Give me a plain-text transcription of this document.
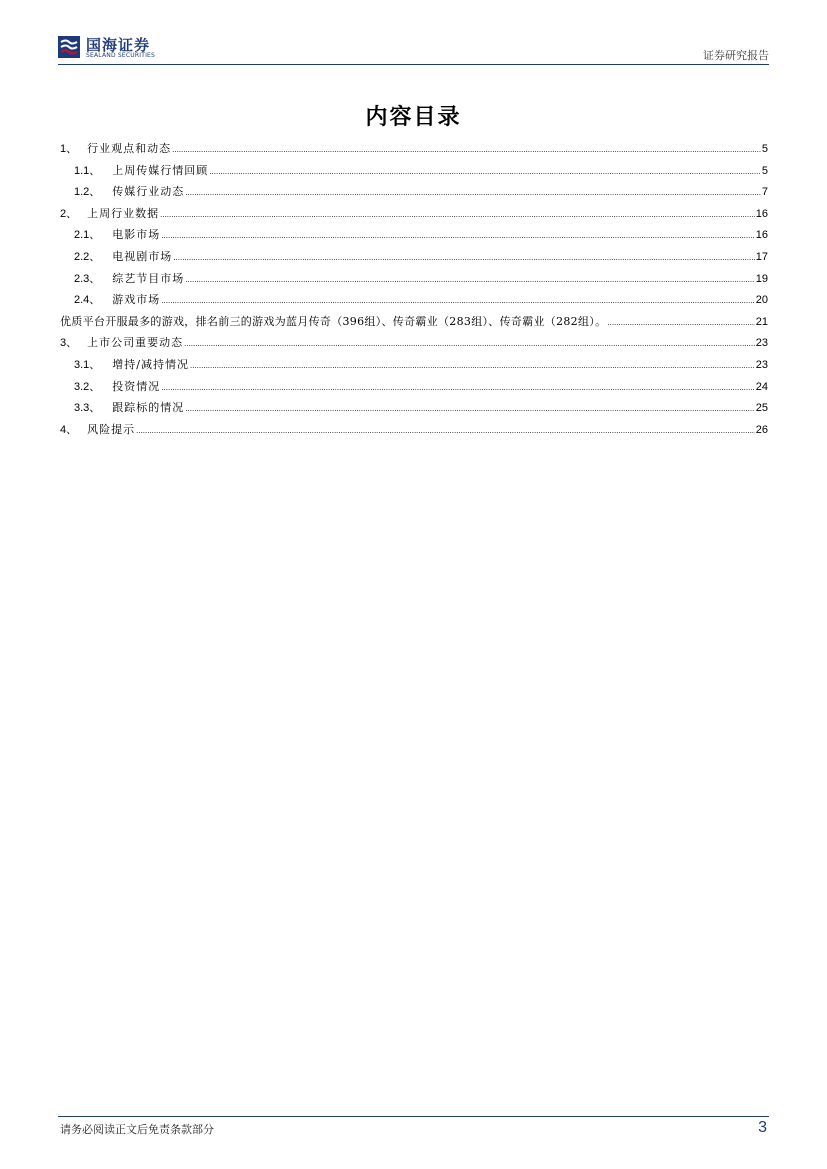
国海证券
SEALAND SECURITIES	证券研究报告
内容目录
1、 行业观点和动态 .....	5
1.1、 上周传媒行情回顾 .....	5
1.2、 传媒行业动态 .....	7
2、 上周行业数据 .....	16
2.1、 电影市场 .....	16
2.2、 电视剧市场 .....	17
2.3、 综艺节目市场 .....	19
2.4、 游戏市场 .....	20
优质平台开服最多的游戏，排名前三的游戏为蓝月传奇（396组）、传奇霸业（283组）、传奇霸业（282组）。 .....	21
3、 上市公司重要动态 .....	23
3.1、 增持/减持情况 .....	23
3.2、 投资情况 .....	24
3.3、 跟踪标的情况 .....	25
4、 风险提示 .....	26
请务必阅读正文后免责条款部分	3
